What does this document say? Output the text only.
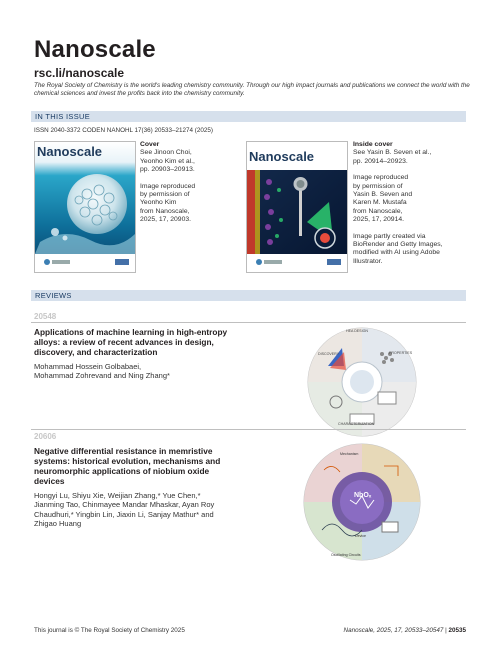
Nanoscale
rsc.li/nanoscale
The Royal Society of Chemistry is the world's leading chemistry community. Through our high impact journals and publications we connect the world with the chemical sciences and invest the profits back into the chemistry community.
IN THIS ISSUE
ISSN 2040-3372 CODEN NANOHL 17(36) 20533–21274 (2025)
Nanoscale	Cover
See Jinoon Choi,
Yeonho Kim et al.,
pp. 20903–20913.
Image reproduced
by permission of
Yeonho Kim
from Nanoscale,
2025, 17, 20903.
Nanoscale
Inside cover
See Yasin B. Seven et al.,
pp. 20914–20923.
Image reproduced
by permission of
Yasin B. Seven and
Karen M. Mustafa
from Nanoscale,
2025, 17, 20914.
Image partly created via
BioRender and Getty Images,
modified with AI using Adobe
Illustrator.
REVIEWS
20548
Applications of machine learning in high-entropy
alloys: a review of recent advances in design,
discovery, and characterization
Mohammad Hossein Golbabaei,
Mohammad Zohrevand and Ning Zhang*
HEA DESIGN
CHARACTERIZATION
PROPERTIES
DISCOVERY
20606
Negative differential resistance in memristive
systems: historical evolution, mechanisms and
neuromorphic applications of niobium oxide
devices
Hongyi Lu, Shiyu Xie, Weijian Zhang,* Yue Chen,*
Jianming Tao, Chinmayee Mandar Mhaskar, Ayan Roy
Chaudhuri,* Yingbin Lin, Jiaxin Li, Sanjay Mathur* and
Zhigao Huang
NbOₓ
Device
Oscillating Circuits
Mechanism
This journal is © The Royal Society of Chemistry 2025	Nanoscale, 2025, 17, 20533–20547 | 20535
